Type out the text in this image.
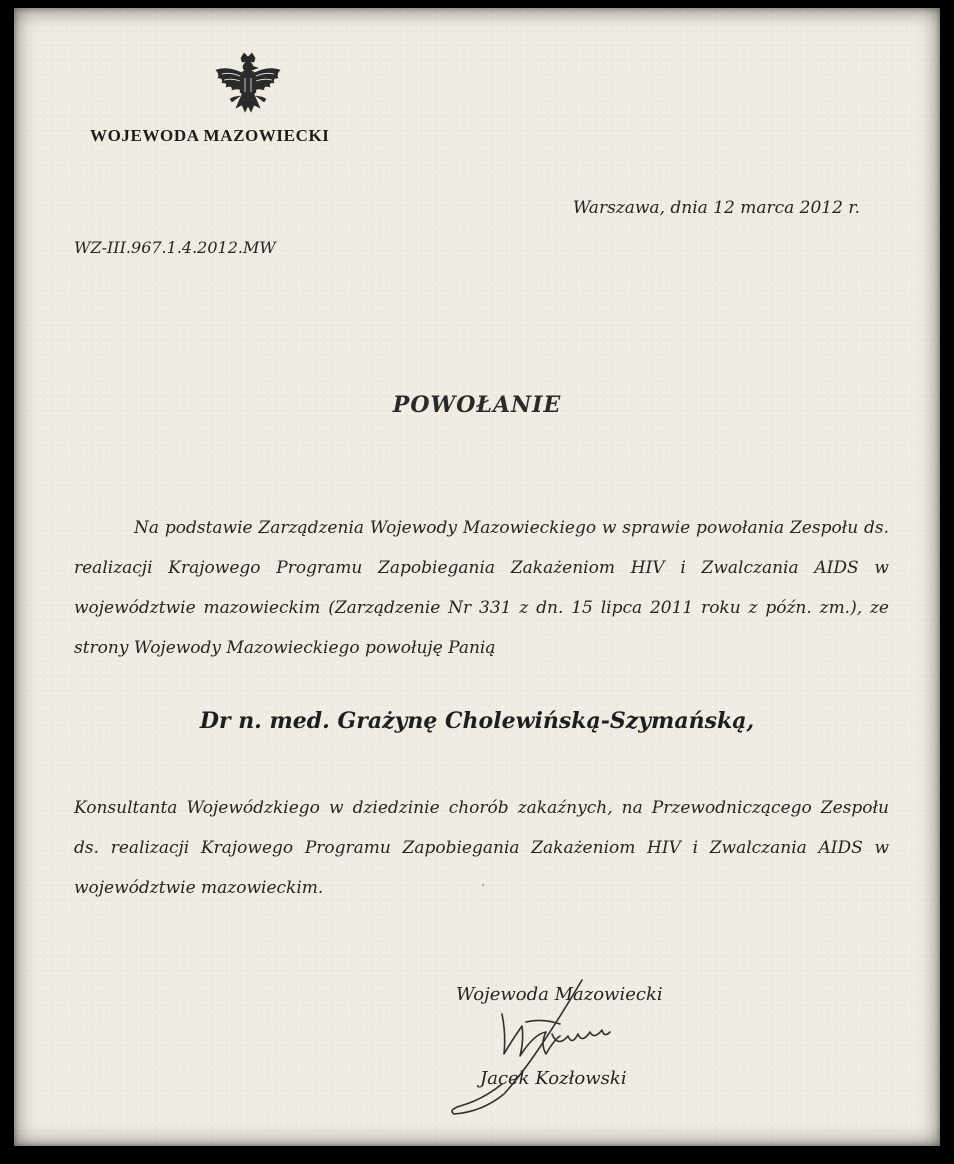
WOJEWODA MAZOWIECKI
Warszawa, dnia 12 marca 2012 r.
WZ-III.967.1.4.2012.MW
POWOŁANIE
Na podstawie Zarządzenia Wojewody Mazowieckiego w sprawie powołania Zespołu ds. realizacji Krajowego Programu Zapobiegania Zakażeniom HIV i Zwalczania AIDS w województwie mazowieckim (Zarządzenie Nr 331 z dn. 15 lipca 2011 roku z późn. zm.), ze strony Wojewody Mazowieckiego powołuję Panią
Dr n. med. Grażynę Cholewińską-Szymańską,
Konsultanta Wojewódzkiego w dziedzinie chorób zakaźnych, na Przewodniczącego Zespołu ds. realizacji Krajowego Programu Zapobiegania Zakażeniom HIV i Zwalczania AIDS w województwie mazowieckim.
Wojewoda Mazowiecki
Jacek Kozłowski
